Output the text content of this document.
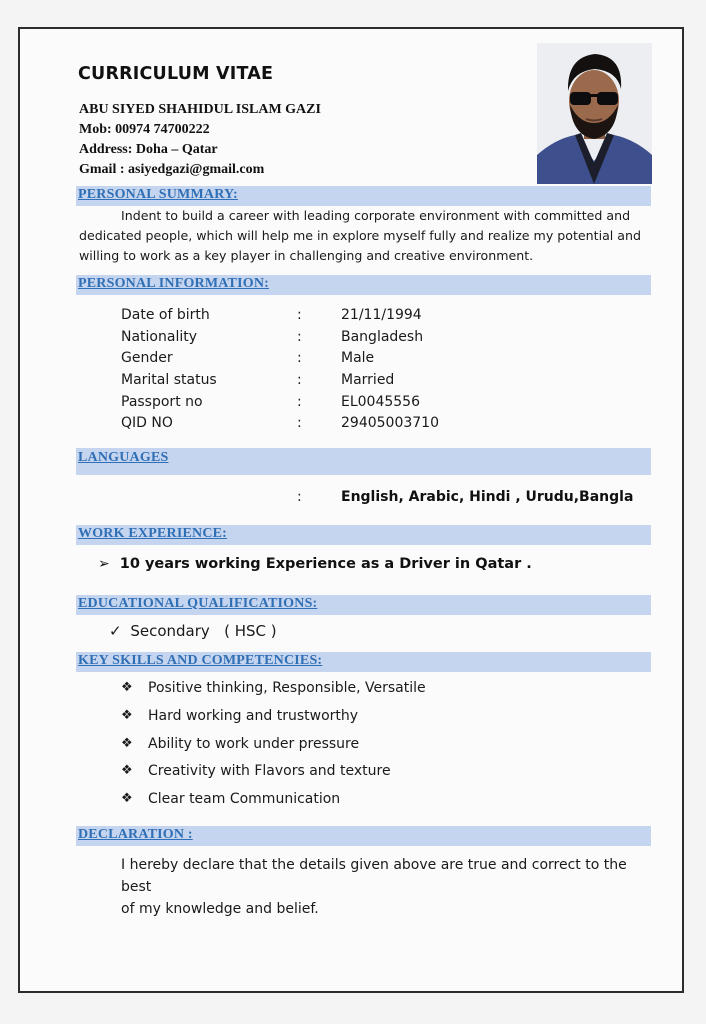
CURRICULUM VITAE
ABU SIYED SHAHIDUL ISLAM GAZI
Mob: 00974 74700222
Address: Doha – Qatar
Gmail : asiyedgazi@gmail.com
PERSONAL SUMMARY:
Indent to build a career with leading corporate environment with committed and
dedicated people, which will help me in explore myself fully and realize my potential and
willing to work as a key player in challenging and creative environment.
PERSONAL INFORMATION:
Date of birth	:	21/11/1994
Nationality	:	Bangladesh
Gender	:	Male
Marital status	:	Married
Passport no	:	EL0045556
QID NO	:	29405003710
LANGUAGES
:	English, Arabic, Hindi , Urudu,Bangla
WORK EXPERIENCE:
➢ 10 years working Experience as a Driver in Qatar .
EDUCATIONAL QUALIFICATIONS:
✓ Secondary   ( HSC )
KEY SKILLS AND COMPETENCIES:
❖ Positive thinking, Responsible, Versatile
❖ Hard working and trustworthy
❖ Ability to work under pressure
❖ Creativity with Flavors and texture
❖ Clear team Communication
DECLARATION :
I hereby declare that the details given above are true and correct to the best
of my knowledge and belief.
